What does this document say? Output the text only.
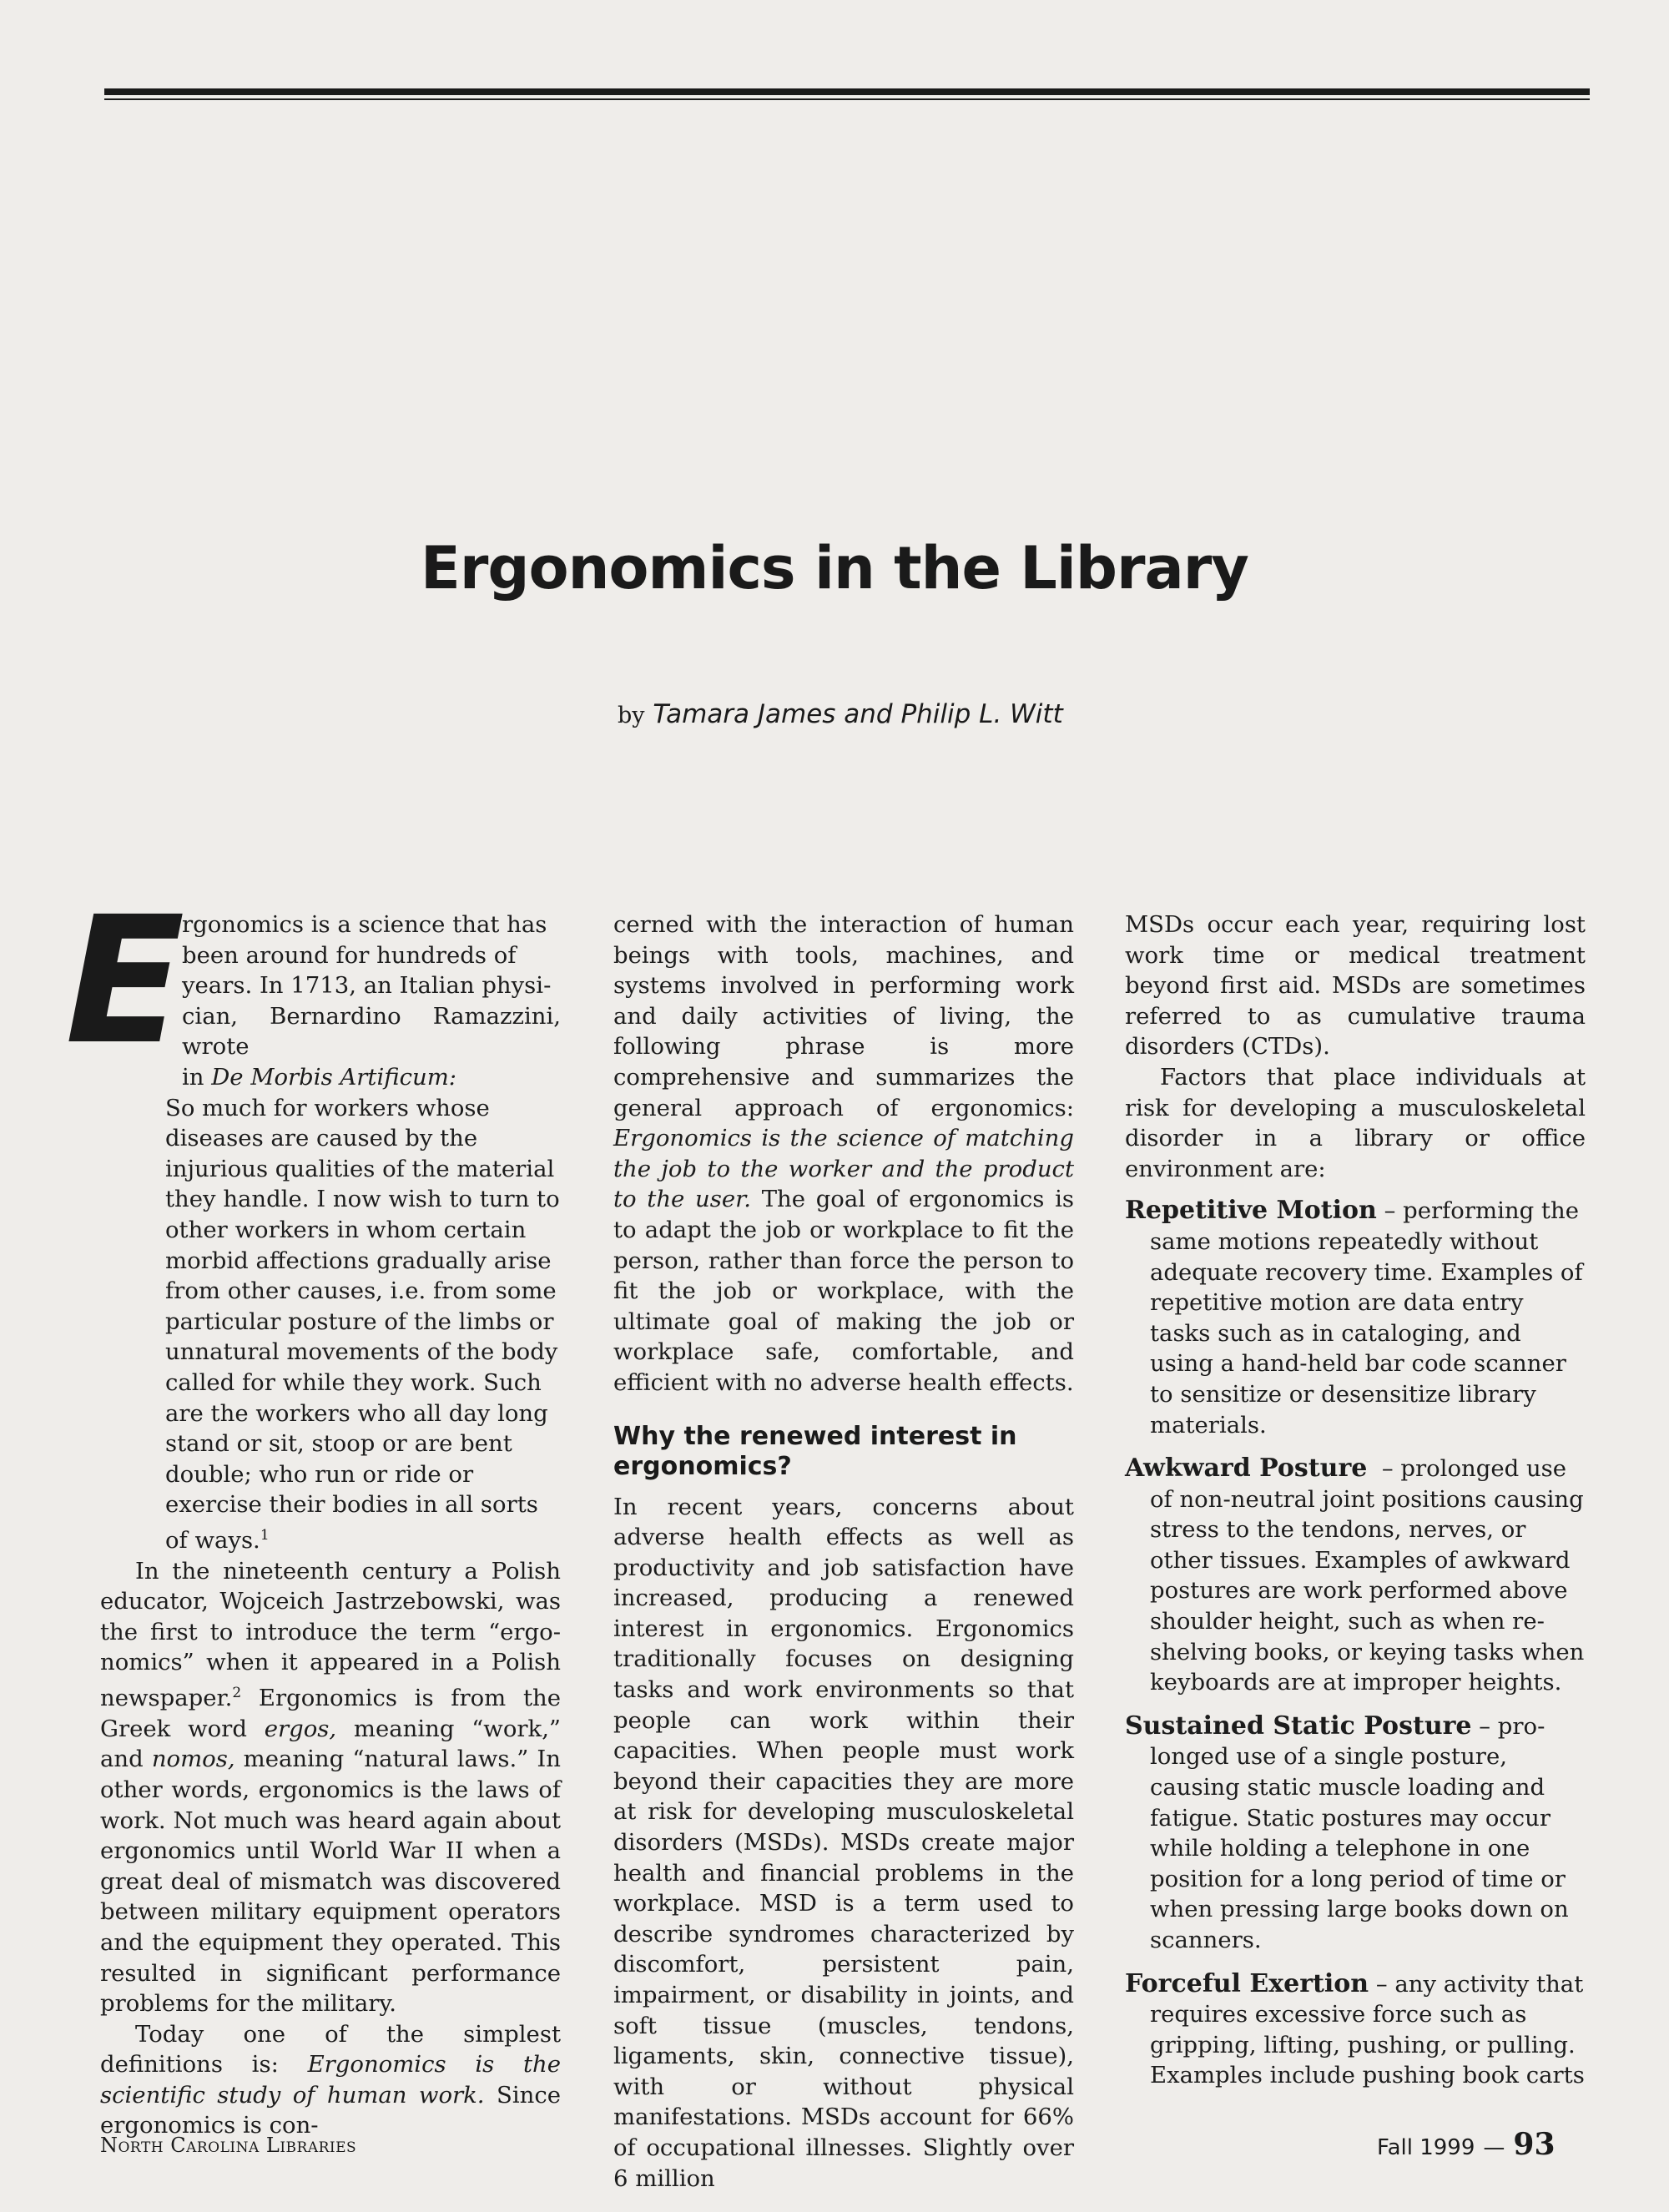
Ergonomics in the Library
by Tamara James and Philip L. Witt
E

rgonomics is a science that has
been around for hundreds of
years. In 1713, an Italian physi-
cian, Bernardino Ramazzini, wrote
in De Morbis Artificum:

So much for workers whose diseases are caused by the injurious qualities of the material they handle. I now wish to turn to other workers in whom certain morbid affections gradually arise from other causes, i.e. from some particular posture of the limbs or unnatural movements of the body called for while they work. Such are the workers who all day long stand or sit, stoop or are bent double; who run or ride or exercise their bodies in all sorts of ways.$^1$

In the nineteenth century a Polish educator, Wojceich Jastrzebowski, was the first to introduce the term “ergo-nomics” when it appeared in a Polish newspaper.$^2$ Ergonomics is from the Greek word ergos, meaning “work,” and nomos, meaning “natural laws.” In other words, ergonomics is the laws of work. Not much was heard again about ergonomics until World War II when a great deal of mismatch was discovered between military equipment operators and the equipment they operated. This resulted in significant performance problems for the military.

Today one of the simplest definitions is: Ergonomics is the scientific study of human work. Since ergonomics is con-

cerned with the interaction of human beings with tools, machines, and systems involved in performing work and daily activities of living, the following phrase is more comprehensive and summarizes the general approach of ergonomics: Ergonomics is the science of matching the job to the worker and the product to the user. The goal of ergonomics is to adapt the job or workplace to fit the person, rather than force the person to fit the job or workplace, with the ultimate goal of making the job or workplace safe, comfortable, and efficient with no adverse health effects.

Why the renewed interest in ergonomics?

In recent years, concerns about adverse health effects as well as productivity and job satisfaction have increased, producing a renewed interest in ergonomics. Ergonomics traditionally focuses on designing tasks and work environments so that people can work within their capacities. When people must work beyond their capacities they are more at risk for developing musculoskeletal disorders (MSDs). MSDs create major health and financial problems in the workplace. MSD is a term used to describe syndromes characterized by discomfort, persistent pain, impairment, or disability in joints, and soft tissue (muscles, tendons, ligaments, skin, connective tissue), with or without physical manifestations. MSDs account for 66% of occupational illnesses. Slightly over 6 million

MSDs occur each year, requiring lost work time or medical treatment beyond first aid. MSDs are sometimes referred to as cumulative trauma disorders (CTDs).

Factors that place individuals at risk for developing a musculoskeletal disorder in a library or office environment are:

Repetitive Motion – performing the
same motions repeatedly without adequate recovery time. Examples of repetitive motion are data entry tasks such as in cataloging, and using a hand-held bar code scanner to sensitize or desensitize library materials.
Awkward Posture  – prolonged use
of non-neutral joint positions causing stress to the tendons, nerves, or other tissues. Examples of awkward postures are work performed above shoulder height, such as when re-shelving books, or keying tasks when keyboards are at improper heights.
Sustained Static Posture – pro-
longed use of a single posture, causing static muscle loading and fatigue. Static postures may occur while holding a telephone in one position for a long period of time or when pressing large books down on scanners.
Forceful Exertion – any activity that
requires excessive force such as gripping, lifting, pushing, or pulling. Examples include pushing book carts
North Carolina Libraries	Fall 1999 — 93
